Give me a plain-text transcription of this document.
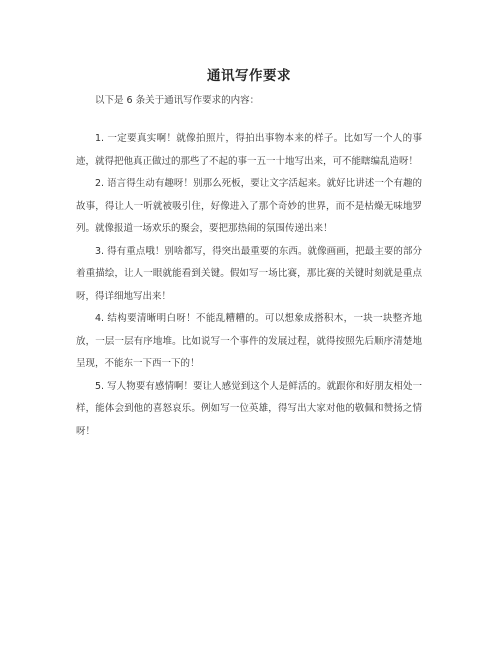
通讯写作要求

以下是 6 条关于通讯写作要求的内容：

1. 一定要真实啊！就像拍照片，得拍出事物本来的样子。比如写一个人的事迹，就得把他真正做过的那些了不起的事一五一十地写出来，可不能瞎编乱造呀！

2. 语言得生动有趣呀！别那么死板，要让文字活起来。就好比讲述一个有趣的故事，得让人一听就被吸引住，好像进入了那个奇妙的世界，而不是枯燥无味地罗列。就像报道一场欢乐的聚会，要把那热闹的氛围传递出来！

3. 得有重点哦！别啥都写，得突出最重要的东西。就像画画，把最主要的部分着重描绘，让人一眼就能看到关键。假如写一场比赛，那比赛的关键时刻就是重点呀，得详细地写出来！

4. 结构要清晰明白呀！不能乱糟糟的。可以想象成搭积木，一块一块整齐地放，一层一层有序地堆。比如说写一个事件的发展过程，就得按照先后顺序清楚地呈现，不能东一下西一下的！

5. 写人物要有感情啊！要让人感觉到这个人是鲜活的。就跟你和好朋友相处一样，能体会到他的喜怒哀乐。例如写一位英雄，得写出大家对他的敬佩和赞扬之情呀！
